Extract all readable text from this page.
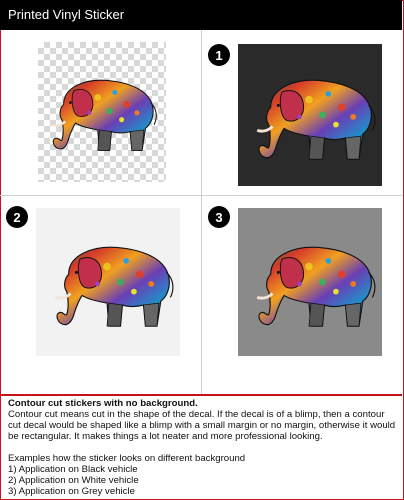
Printed Vinyl Sticker
1
2	3

Contour cut stickers with no background.

Contour cut means cut in the shape of the decal. If the decal is of a blimp, then a contour cut decal would be shaped like a blimp with a small margin or no margin, otherwise it would be rectangular. It makes things a lot neater and more professional looking.

Examples how the sticker looks on different background

1) Application on Black vehicle

2) Application on White vehicle

3) Application on Grey vehicle
